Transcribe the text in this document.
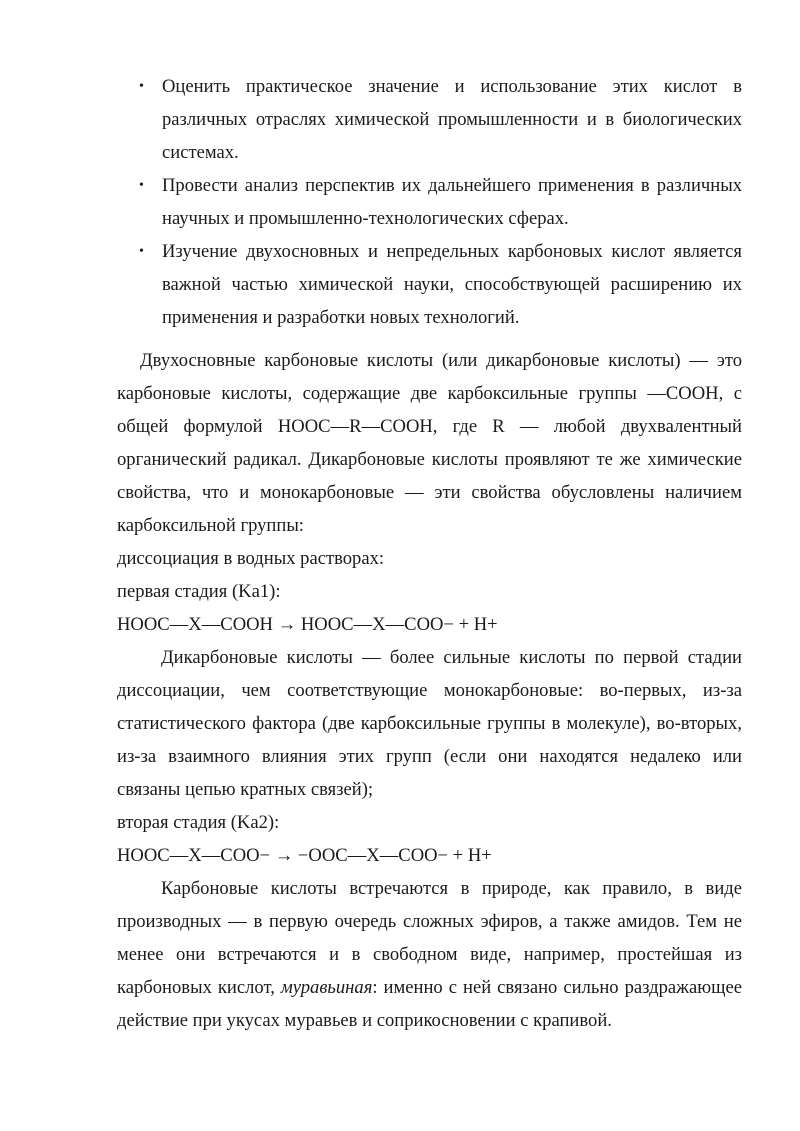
• Оценить практическое значение и использование этих кислот в различных отраслях химической промышленности и в биологических системах.
• Провести анализ перспектив их дальнейшего применения в различных научных и промышленно-технологических сферах.
• Изучение двухосновных и непредельных карбоновых кислот является важной частью химической науки, способствующей расширению их применения и разработки новых технологий.

Двухосновные карбоновые кислоты (или дикарбоновые кислоты) — это карбоновые кислоты, содержащие две карбоксильные группы —COOH, с общей формулой HOOC—R—COOH, где R — любой двухвалентный органический радикал. Дикарбоновые кислоты проявляют те же химические свойства, что и монокарбоновые — эти свойства обусловлены наличием карбоксильной группы:

диссоциация в водных растворах:

первая стадия (Ka1):

HOOC—X—COOH → HOOC—X—COO− + H+

Дикарбоновые кислоты — более сильные кислоты по первой стадии диссоциации, чем соответствующие монокарбоновые: во-первых, из-за статистического фактора (две карбоксильные группы в молекуле), во-вторых, из-за взаимного влияния этих групп (если они находятся недалеко или связаны цепью кратных связей);

вторая стадия (Ka2):

HOOC—X—COO− → −OOC—X—COO− + H+

Карбоновые кислоты встречаются в природе, как правило, в виде производных — в первую очередь сложных эфиров, а также амидов. Тем не менее они встречаются и в свободном виде, например, простейшая из карбоновых кислот, муравьиная: именно с ней связано сильно раздражающее действие при укусах муравьев и соприкосновении с крапивой.
